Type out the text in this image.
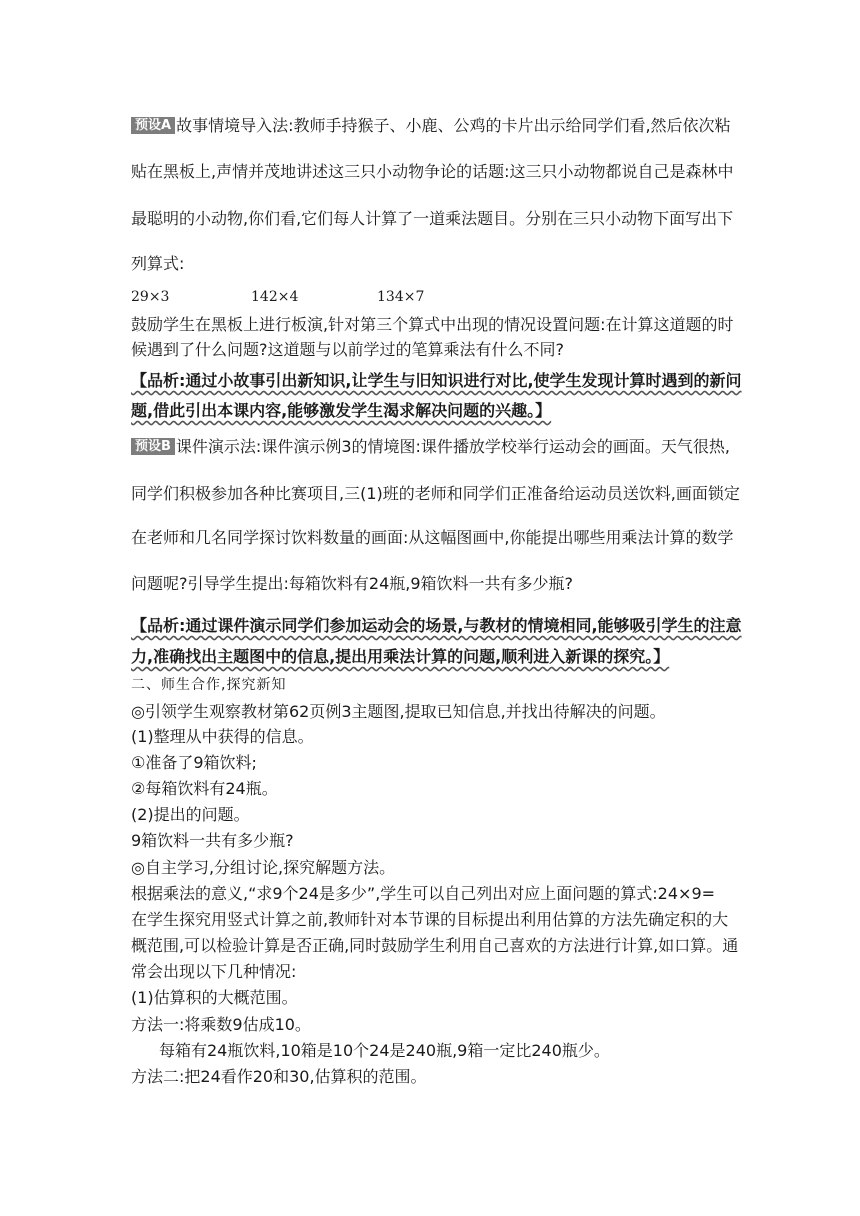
预设A 故事情境导入法:教师手持猴子、小鹿、公鸡的卡片出示给同学们看,然后依次粘
贴在黑板上,声情并茂地讲述这三只小动物争论的话题:这三只小动物都说自己是森林中
最聪明的小动物,你们看,它们每人计算了一道乘法题目。分别在三只小动物下面写出下
列算式:
29×3	142×4	134×7
鼓励学生在黑板上进行板演,针对第三个算式中出现的情况设置问题:在计算这道题的时
候遇到了什么问题?这道题与以前学过的笔算乘法有什么不同?
【品析:通过小故事引出新知识,让学生与旧知识进行对比,使学生发现计算时遇到的新问
题,借此引出本课内容,能够激发学生渴求解决问题的兴趣。】
预设B 课件演示法:课件演示例3的情境图:课件播放学校举行运动会的画面。天气很热,
同学们积极参加各种比赛项目,三(1)班的老师和同学们正准备给运动员送饮料,画面锁定
在老师和几名同学探讨饮料数量的画面:从这幅图画中,你能提出哪些用乘法计算的数学
问题呢?引导学生提出:每箱饮料有24瓶,9箱饮料一共有多少瓶?
【品析:通过课件演示同学们参加运动会的场景,与教材的情境相同,能够吸引学生的注意
力,准确找出主题图中的信息,提出用乘法计算的问题,顺利进入新课的探究。】
二、师生合作,探究新知
◎引领学生观察教材第62页例3主题图,提取已知信息,并找出待解决的问题。
(1)整理从中获得的信息。
①准备了9箱饮料;
②每箱饮料有24瓶。
(2)提出的问题。
9箱饮料一共有多少瓶?
◎自主学习,分组讨论,探究解题方法。
根据乘法的意义,“求9个24是多少”,学生可以自己列出对应上面问题的算式:24×9=
在学生探究用竖式计算之前,教师针对本节课的目标提出利用估算的方法先确定积的大
概范围,可以检验计算是否正确,同时鼓励学生利用自己喜欢的方法进行计算,如口算。通
常会出现以下几种情况:
(1)估算积的大概范围。
方法一:将乘数9估成10。
每箱有24瓶饮料,10箱是10个24是240瓶,9箱一定比240瓶少。
方法二:把24看作20和30,估算积的范围。
